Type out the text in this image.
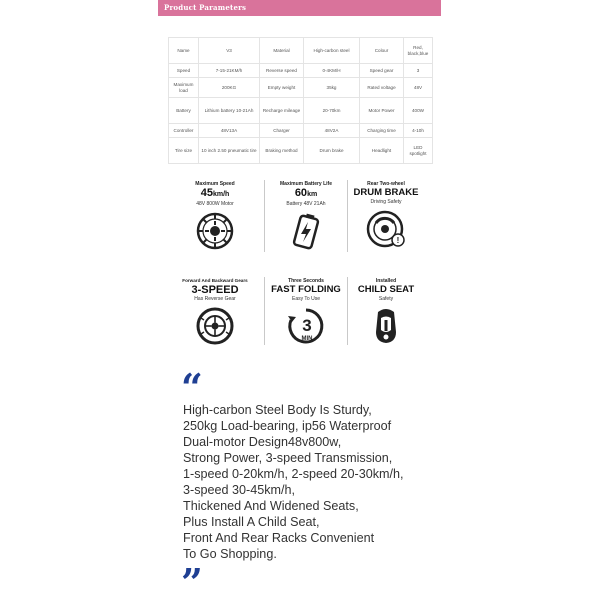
Product Parameters
Name	V3	Material	High-carbon steel	Colour	Red, black,blue
Speed	7-15-21KM/h	Reverse speed	0-4KM/H	Speed gear	3
Maximum load	200KG	Empty weight	35kg	Rated voltage	48V
Battery	Lithium battery 10-21Ah	Recharge mileage	20-70km	Motor Power	400W
Controller	48V13A	Charger	48V2A	Charging time	4-10h
Tire size	10 inch 2.50 pneumatic tire	Braking method	Drum brake	Headlight	LED spotlight
Maximum Speed
45km/h
48V 800W Motor
Maximum Battery Life
60km
Battery 48V 21Ah
Rear Two-wheel
DRUM BRAKE
Driving Safety
!
Forward And Backward Gears
3-SPEED
Has Reverse Gear
Three Seconds
FAST FOLDING
Easy To Use
3
MIN
Installed
CHILD SEAT
Safety
“
High-carbon Steel Body Is Sturdy,
250kg Load-bearing, ip56 Waterproof
Dual-motor Design48v800w,
Strong Power, 3-speed Transmission,
1-speed 0-20km/h, 2-speed 20-30km/h,
3-speed 30-45km/h,
Thickened And Widened Seats,
Plus Install A Child Seat,
Front And Rear Racks Convenient
To Go Shopping.
”
